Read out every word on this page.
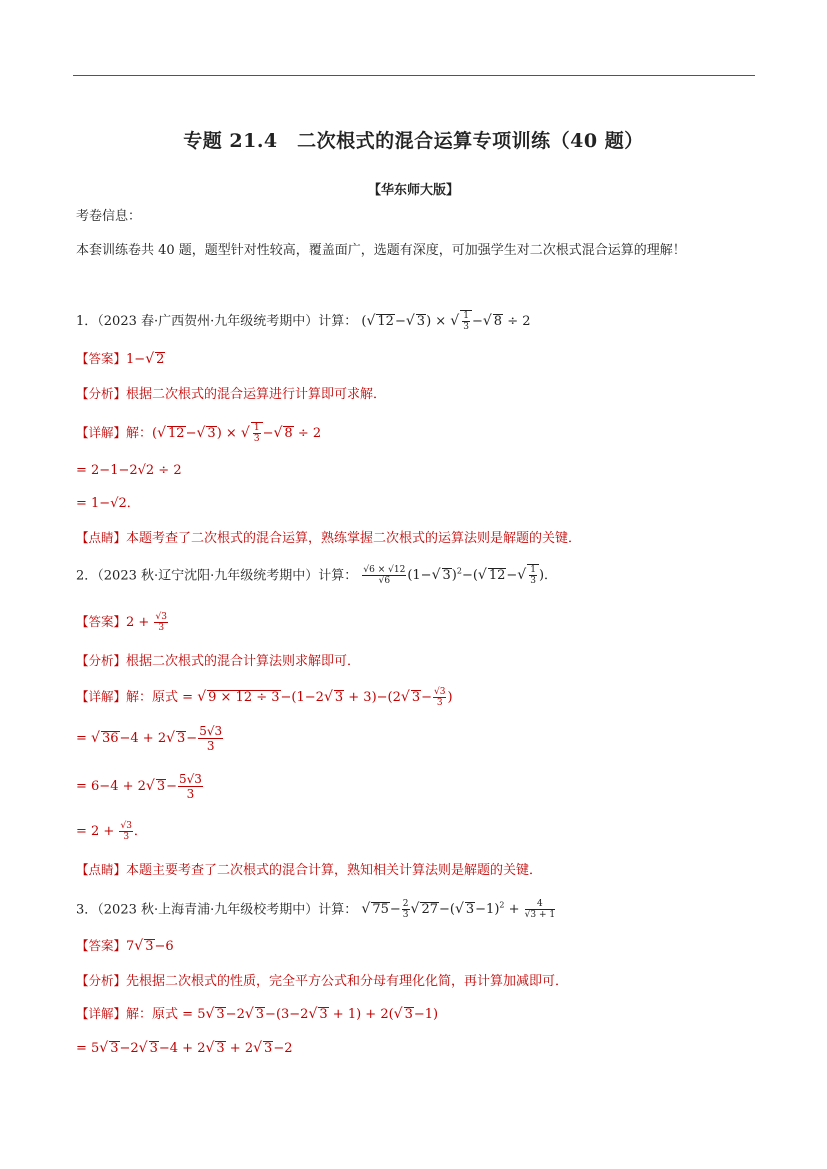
专题 21.4　二次根式的混合运算专项训练（40 题）
【华东师大版】
考卷信息：
本套训练卷共 40 题，题型针对性较高，覆盖面广，选题有深度，可加强学生对二次根式混合运算的理解！
1．（2023 春·广西贺州·九年级统考期中）计算： (√ 12−√ 3) × √ $\frac{1}{3}$ −√ 8 ÷ 2
【答案】1−√ 2
【分析】根据二次根式的混合运算进行计算即可求解．
【详解】解：(√ 12−√ 3) × √ $\frac{1}{3}$ −√ 8 ÷ 2
= 2−1−2√2 ÷ 2
= 1−√2．
【点睛】本题考查了二次根式的混合运算，熟练掌握二次根式的运算法则是解题的关键．
2．（2023 秋·辽宁沈阳·九年级统考期中）计算： $\frac{√6 \times √12}{√6} (1-√$ 3)$^2$−(√ $12-√ \frac{1}{3}$ )．
【答案】$2 + \frac{√3}{3}$
【分析】根据二次根式的混合计算法则求解即可．
【详解】解：原式 = √ 9 × 12 ÷ 3−(1−2√ 3 + 3)−(2√ $3- \frac{√3}{3}$ )
= √ 36−4 + 2√ $3- \frac{5√3}{3}$
= 6−4 + 2√ $3- \frac{5√3}{3}$
= $2 + \frac{√3}{3}$ ．
【点睛】本题主要考查了二次根式的混合计算，熟知相关计算法则是解题的关键．
3．（2023 秋·上海青浦·九年级校考期中）计算： √ $75- \frac{2}{3}$ √ 27−(√ $3-1)^2 + \frac{4}{√3 + 1}$
【答案】7√ 3−6
【分析】先根据二次根式的性质，完全平方公式和分母有理化化简，再计算加减即可．
【详解】解：原式 = 5√ 3−2√ 3−(3−2√ 3 + 1) + 2(√ 3−1)
= 5√ 3−2√ 3−4 + 2√ 3 + 2√ 3−2
